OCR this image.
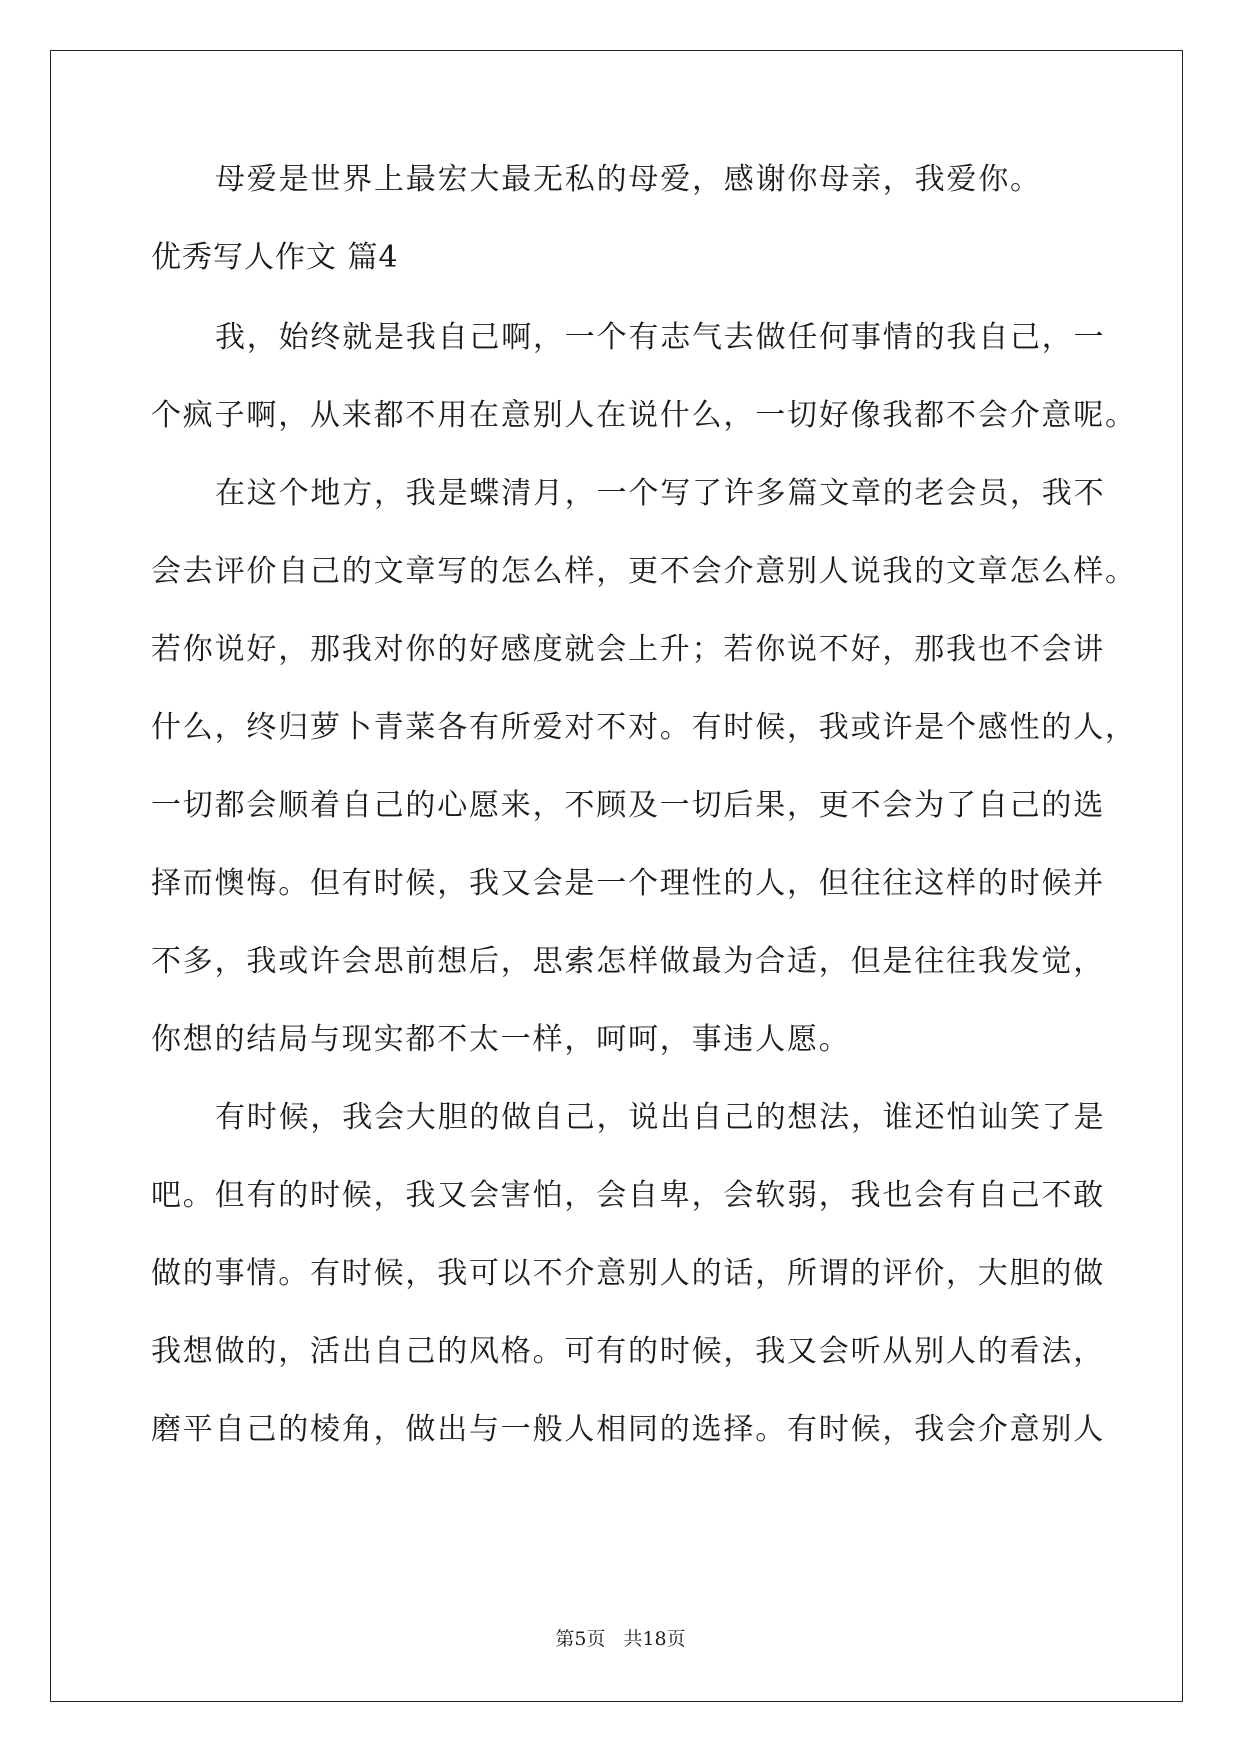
母爱是世界上最宏大最无私的母爱，感谢你母亲，我爱你。
优秀写人作文 篇4
我，始终就是我自己啊，一个有志气去做任何事情的我自己，一
个疯子啊，从来都不用在意别人在说什么，一切好像我都不会介意呢。
在这个地方，我是蝶清月，一个写了许多篇文章的老会员，我不
会去评价自己的文章写的怎么样，更不会介意别人说我的文章怎么样。
若你说好，那我对你的好感度就会上升；若你说不好，那我也不会讲
什么，终归萝卜青菜各有所爱对不对。有时候，我或许是个感性的人，
一切都会顺着自己的心愿来，不顾及一切后果，更不会为了自己的选
择而懊悔。但有时候，我又会是一个理性的人，但往往这样的时候并
不多，我或许会思前想后，思索怎样做最为合适，但是往往我发觉，
你想的结局与现实都不太一样，呵呵，事违人愿。
有时候，我会大胆的做自己，说出自己的想法，谁还怕讪笑了是
吧。但有的时候，我又会害怕，会自卑，会软弱，我也会有自己不敢
做的事情。有时候，我可以不介意别人的话，所谓的评价，大胆的做
我想做的，活出自己的风格。可有的时候，我又会听从别人的看法，
磨平自己的棱角，做出与一般人相同的选择。有时候，我会介意别人
第5页 共18页
